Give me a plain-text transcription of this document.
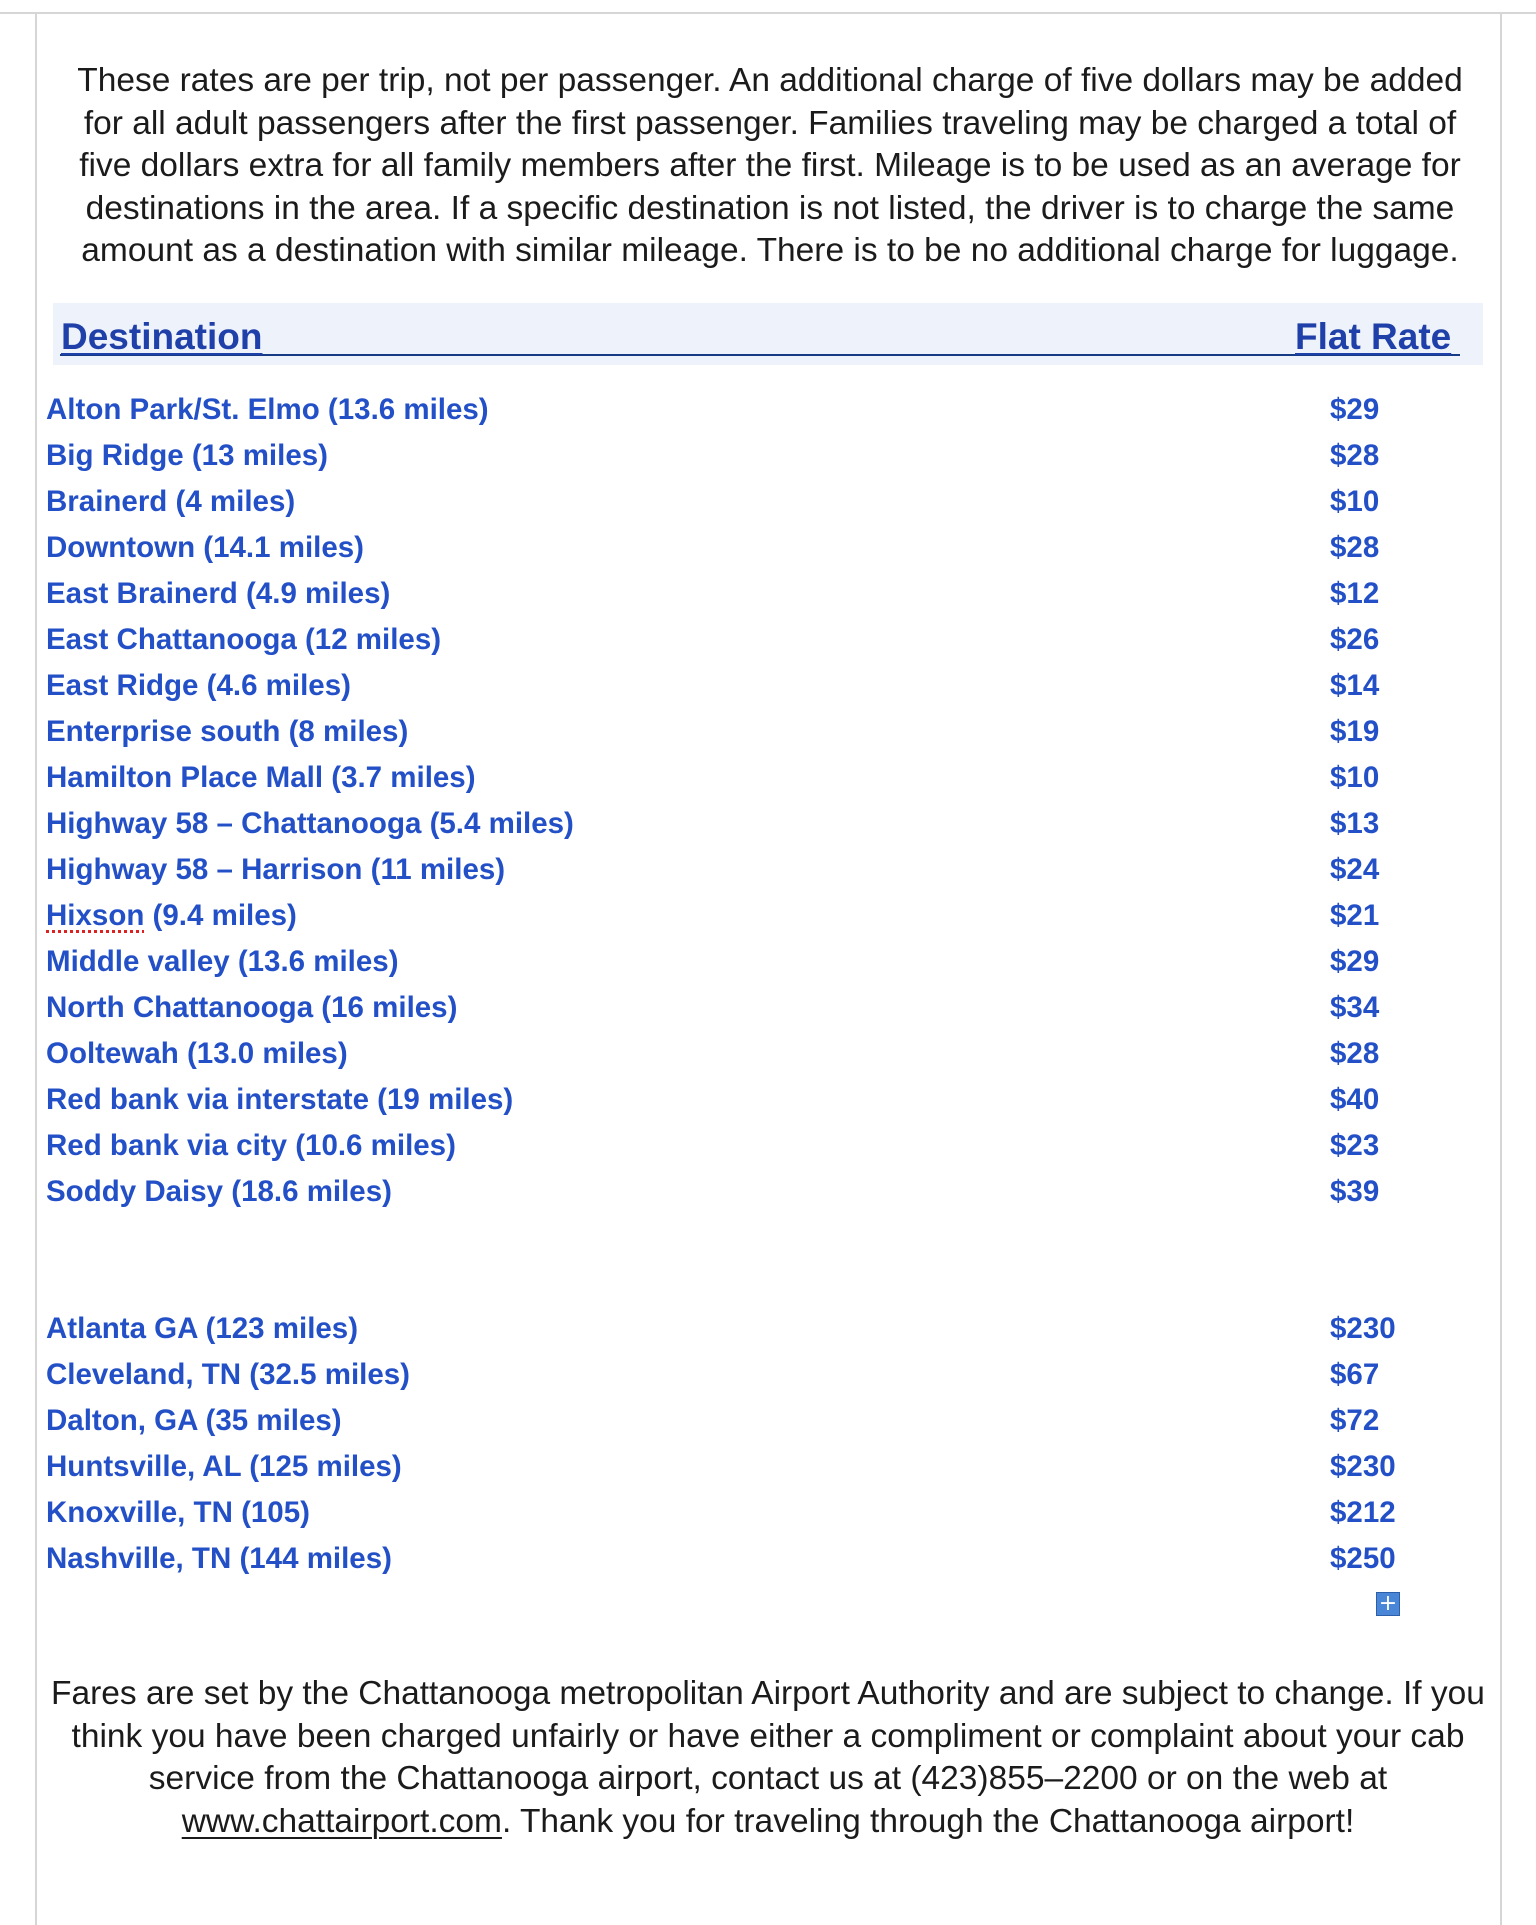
These rates are per trip, not per passenger. An additional charge of five dollars may be added for all adult passengers after the first passenger. Families traveling may be charged a total of five dollars extra for all family members after the first. Mileage is to be used as an average for destinations in the area. If a specific destination is not listed, the driver is to charge the same amount as a destination with similar mileage. There is to be no additional charge for luggage.

Destination	Flat Rate
Alton Park/St. Elmo (13.6 miles)	$29
Big Ridge (13 miles)	$28
Brainerd (4 miles)	$10
Downtown (14.1 miles)	$28
East Brainerd (4.9 miles)	$12
East Chattanooga (12 miles)	$26
East Ridge (4.6 miles)	$14
Enterprise south (8 miles)	$19
Hamilton Place Mall (3.7 miles)	$10
Highway 58 – Chattanooga (5.4 miles)	$13
Highway 58 – Harrison (11 miles)	$24
Hixson (9.4 miles)	$21
Middle valley (13.6 miles)	$29
North Chattanooga (16 miles)	$34
Ooltewah (13.0 miles)	$28
Red bank via interstate (19 miles)	$40
Red bank via city (10.6 miles)	$23
Soddy Daisy (18.6 miles)	$39
Atlanta GA (123 miles)	$230
Cleveland, TN (32.5 miles)	$67
Dalton, GA (35 miles)	$72
Huntsville, AL (125 miles)	$230
Knoxville, TN (105)	$212
Nashville, TN (144 miles)	$250
+

Fares are set by the Chattanooga metropolitan Airport Authority and are subject to change. If you think you have been charged unfairly or have either a compliment or complaint about your cab service from the Chattanooga airport, contact us at (423)855–2200 or on the web at www.chattairport.com. Thank you for traveling through the Chattanooga airport!
